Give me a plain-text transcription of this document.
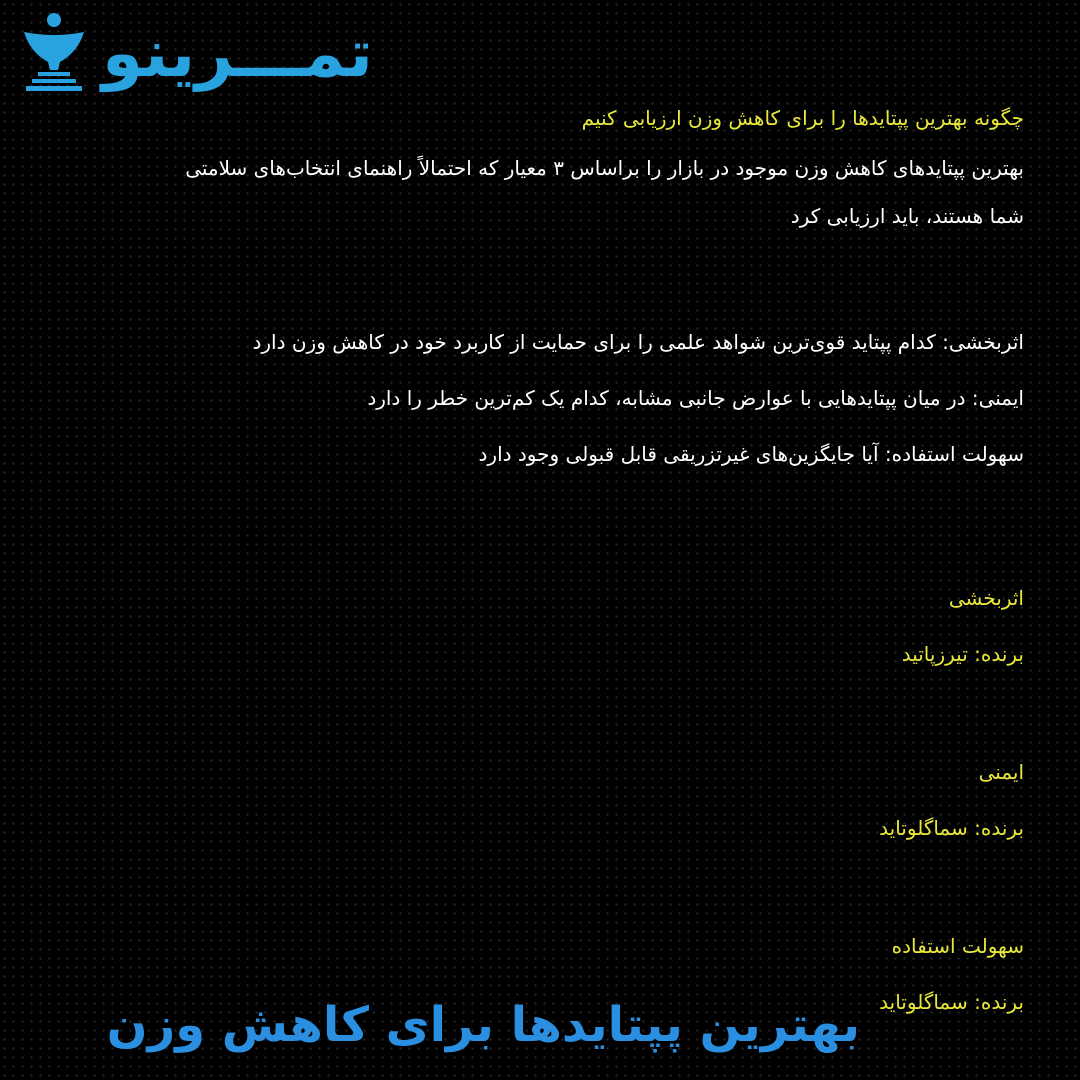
تمـــرینو

چگونه بهترین پپتایدها را برای کاهش وزن ارزیابی کنیم

بهترین پپتایدهای کاهش وزن موجود در بازار را براساس ۳ معیار که احتمالاً راهنمای انتخاب‌های سلامتی

شما هستند، باید ارزیابی کرد

اثربخشی: کدام پپتاید قوی‌ترین شواهد علمی را برای حمایت از کاربرد خود در کاهش وزن دارد

ایمنی: در میان پپتایدهایی با عوارض جانبی مشابه، کدام یک کم‌ترین خطر را دارد

سهولت استفاده: آیا جایگزین‌های غیرتزریقی قابل قبولی وجود دارد

اثربخشی

برنده: تیرزپاتید

ایمنی

برنده: سماگلوتاید

سهولت استفاده

برنده: سماگلوتاید

بهترین پپتایدها برای کاهش وزن
